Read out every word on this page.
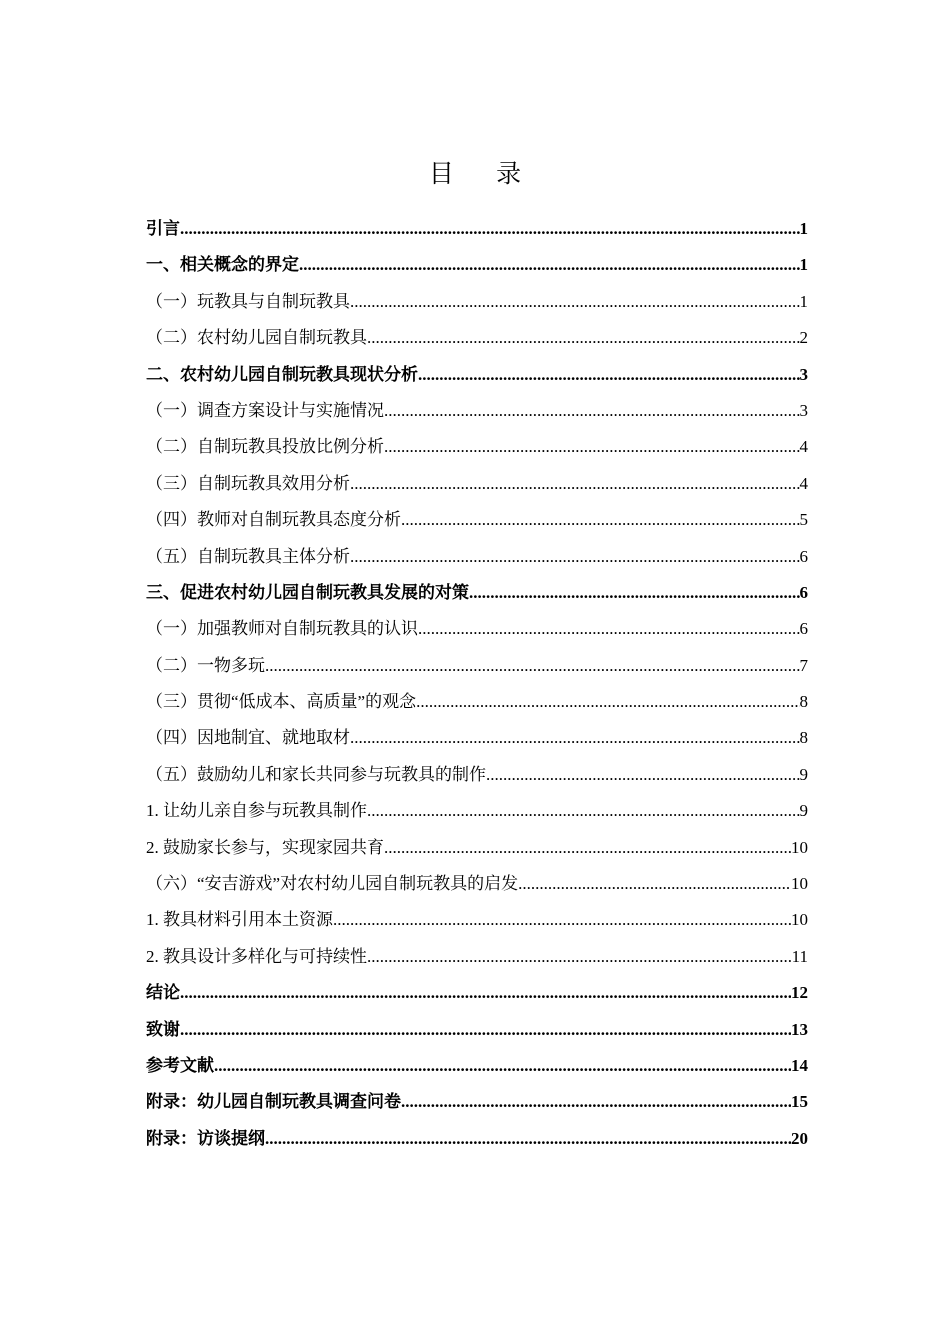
目 录
引言 .....	1
一、相关概念的界定 .....	1
（一）玩教具与自制玩教具 .....	1
（二）农村幼儿园自制玩教具 .....	2
二、农村幼儿园自制玩教具现状分析 .....	3
（一）调查方案设计与实施情况 .....	3
（二）自制玩教具投放比例分析 .....	4
（三）自制玩教具效用分析 .....	4
（四）教师对自制玩教具态度分析 .....	5
（五）自制玩教具主体分析 .....	6
三、促进农村幼儿园自制玩教具发展的对策 .....	6
（一）加强教师对自制玩教具的认识 .....	6
（二）一物多玩 .....	7
（三）贯彻“低成本、高质量”的观念 .....	8
（四）因地制宜、就地取材 .....	8
（五）鼓励幼儿和家长共同参与玩教具的制作 .....	9
1. 让幼儿亲自参与玩教具制作 .....	9
2. 鼓励家长参与，实现家园共育 .....	10
（六）“安吉游戏”对农村幼儿园自制玩教具的启发 .....	10
1. 教具材料引用本土资源 .....	10
2. 教具设计多样化与可持续性 .....	11
结论 .....	12
致谢 .....	13
参考文献 .....	14
附录：幼儿园自制玩教具调查问卷 .....	15
附录：访谈提纲 .....	20
